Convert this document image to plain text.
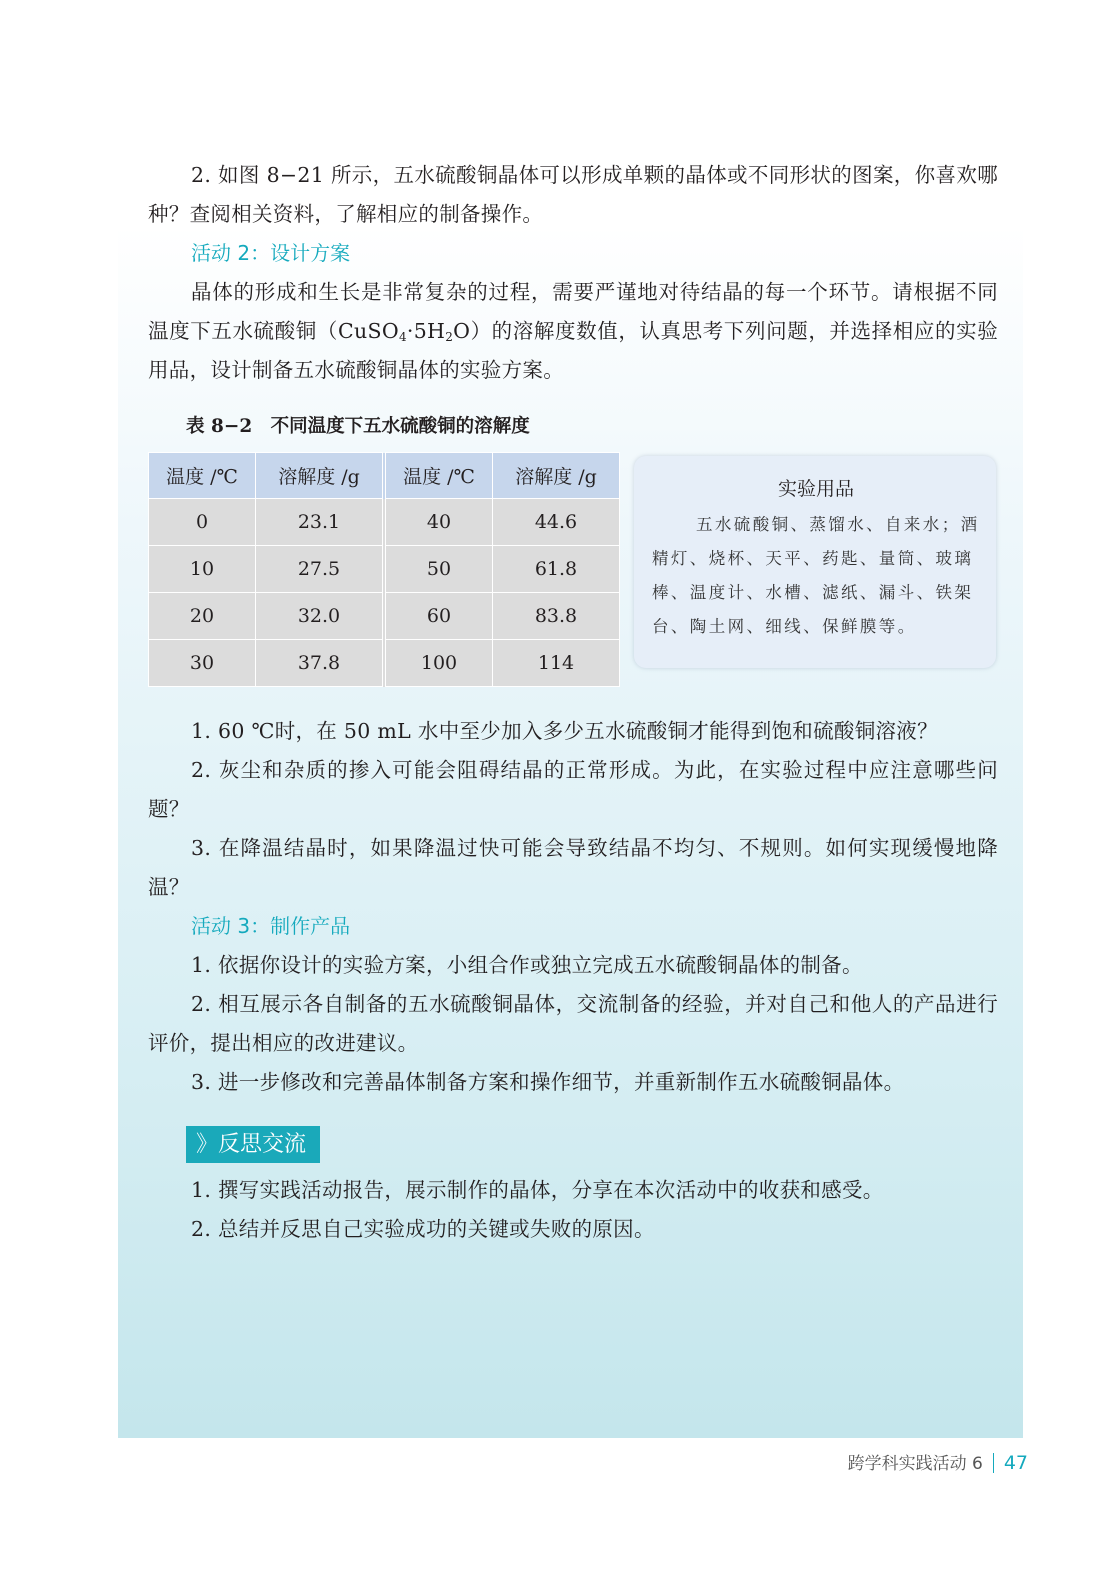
2. 如图 8−21 所示，五水硫酸铜晶体可以形成单颗的晶体或不同形状的图案，你喜欢哪种？查阅相关资料，了解相应的制备操作。

活动 2：设计方案

晶体的形成和生长是非常复杂的过程，需要严谨地对待结晶的每一个环节。请根据不同温度下五水硫酸铜$(CuSO_4\cdot 5H_2O)$的溶解度数值，认真思考下列问题，并选择相应的实验用品，设计制备五水硫酸铜晶体的实验方案。

表 8−2　不同温度下五水硫酸铜的溶解度
温度 /℃	溶解度 /g	温度 /℃	溶解度 /g
0	23.1	40	44.6
10	27.5	50	61.8
20	32.0	60	83.8
30	37.8	100	114
实验用品
五水硫酸铜、蒸馏水、自来水；酒精灯、烧杯、天平、药匙、量筒、玻璃棒、温度计、水槽、滤纸、漏斗、铁架台、陶土网、细线、保鲜膜等。

1. 60 ℃时，在 50 mL 水中至少加入多少五水硫酸铜才能得到饱和硫酸铜溶液？

2. 灰尘和杂质的掺入可能会阻碍结晶的正常形成。为此，在实验过程中应注意哪些问题？

3. 在降温结晶时，如果降温过快可能会导致结晶不均匀、不规则。如何实现缓慢地降温？

活动 3：制作产品

1. 依据你设计的实验方案，小组合作或独立完成五水硫酸铜晶体的制备。

2. 相互展示各自制备的五水硫酸铜晶体，交流制备的经验，并对自己和他人的产品进行评价，提出相应的改进建议。

3. 进一步修改和完善晶体制备方案和操作细节，并重新制作五水硫酸铜晶体。

》反思交流

1. 撰写实践活动报告，展示制作的晶体，分享在本次活动中的收获和感受。

2. 总结并反思自己实验成功的关键或失败的原因。

跨学科实践活动 6 47
